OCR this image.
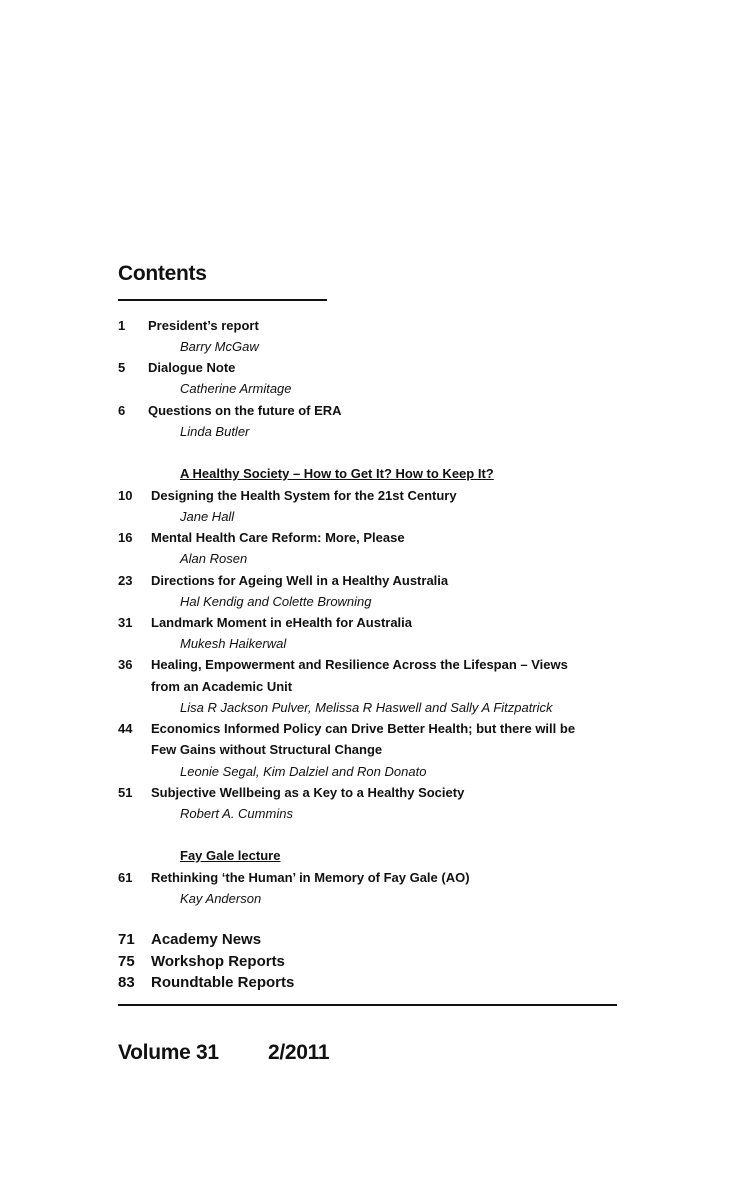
Contents
1 President’s report
Barry McGaw
5 Dialogue Note
Catherine Armitage
6 Questions on the future of ERA
Linda Butler
A Healthy Society – How to Get It? How to Keep It?
10 Designing the Health System for the 21st Century
Jane Hall
16 Mental Health Care Reform: More, Please
Alan Rosen
23 Directions for Ageing Well in a Healthy Australia
Hal Kendig and Colette Browning
31 Landmark Moment in eHealth for Australia
Mukesh Haikerwal
36 Healing, Empowerment and Resilience Across the Lifespan – Views
from an Academic Unit
Lisa R Jackson Pulver, Melissa R Haswell and Sally A Fitzpatrick
44 Economics Informed Policy can Drive Better Health; but there will be
Few Gains without Structural Change
Leonie Segal, Kim Dalziel and Ron Donato
51 Subjective Wellbeing as a Key to a Healthy Society
Robert A. Cummins
Fay Gale lecture
61 Rethinking ‘the Human’ in Memory of Fay Gale (AO)
Kay Anderson
71 Academy News
75 Workshop Reports
83 Roundtable Reports
Volume 31 2/2011
